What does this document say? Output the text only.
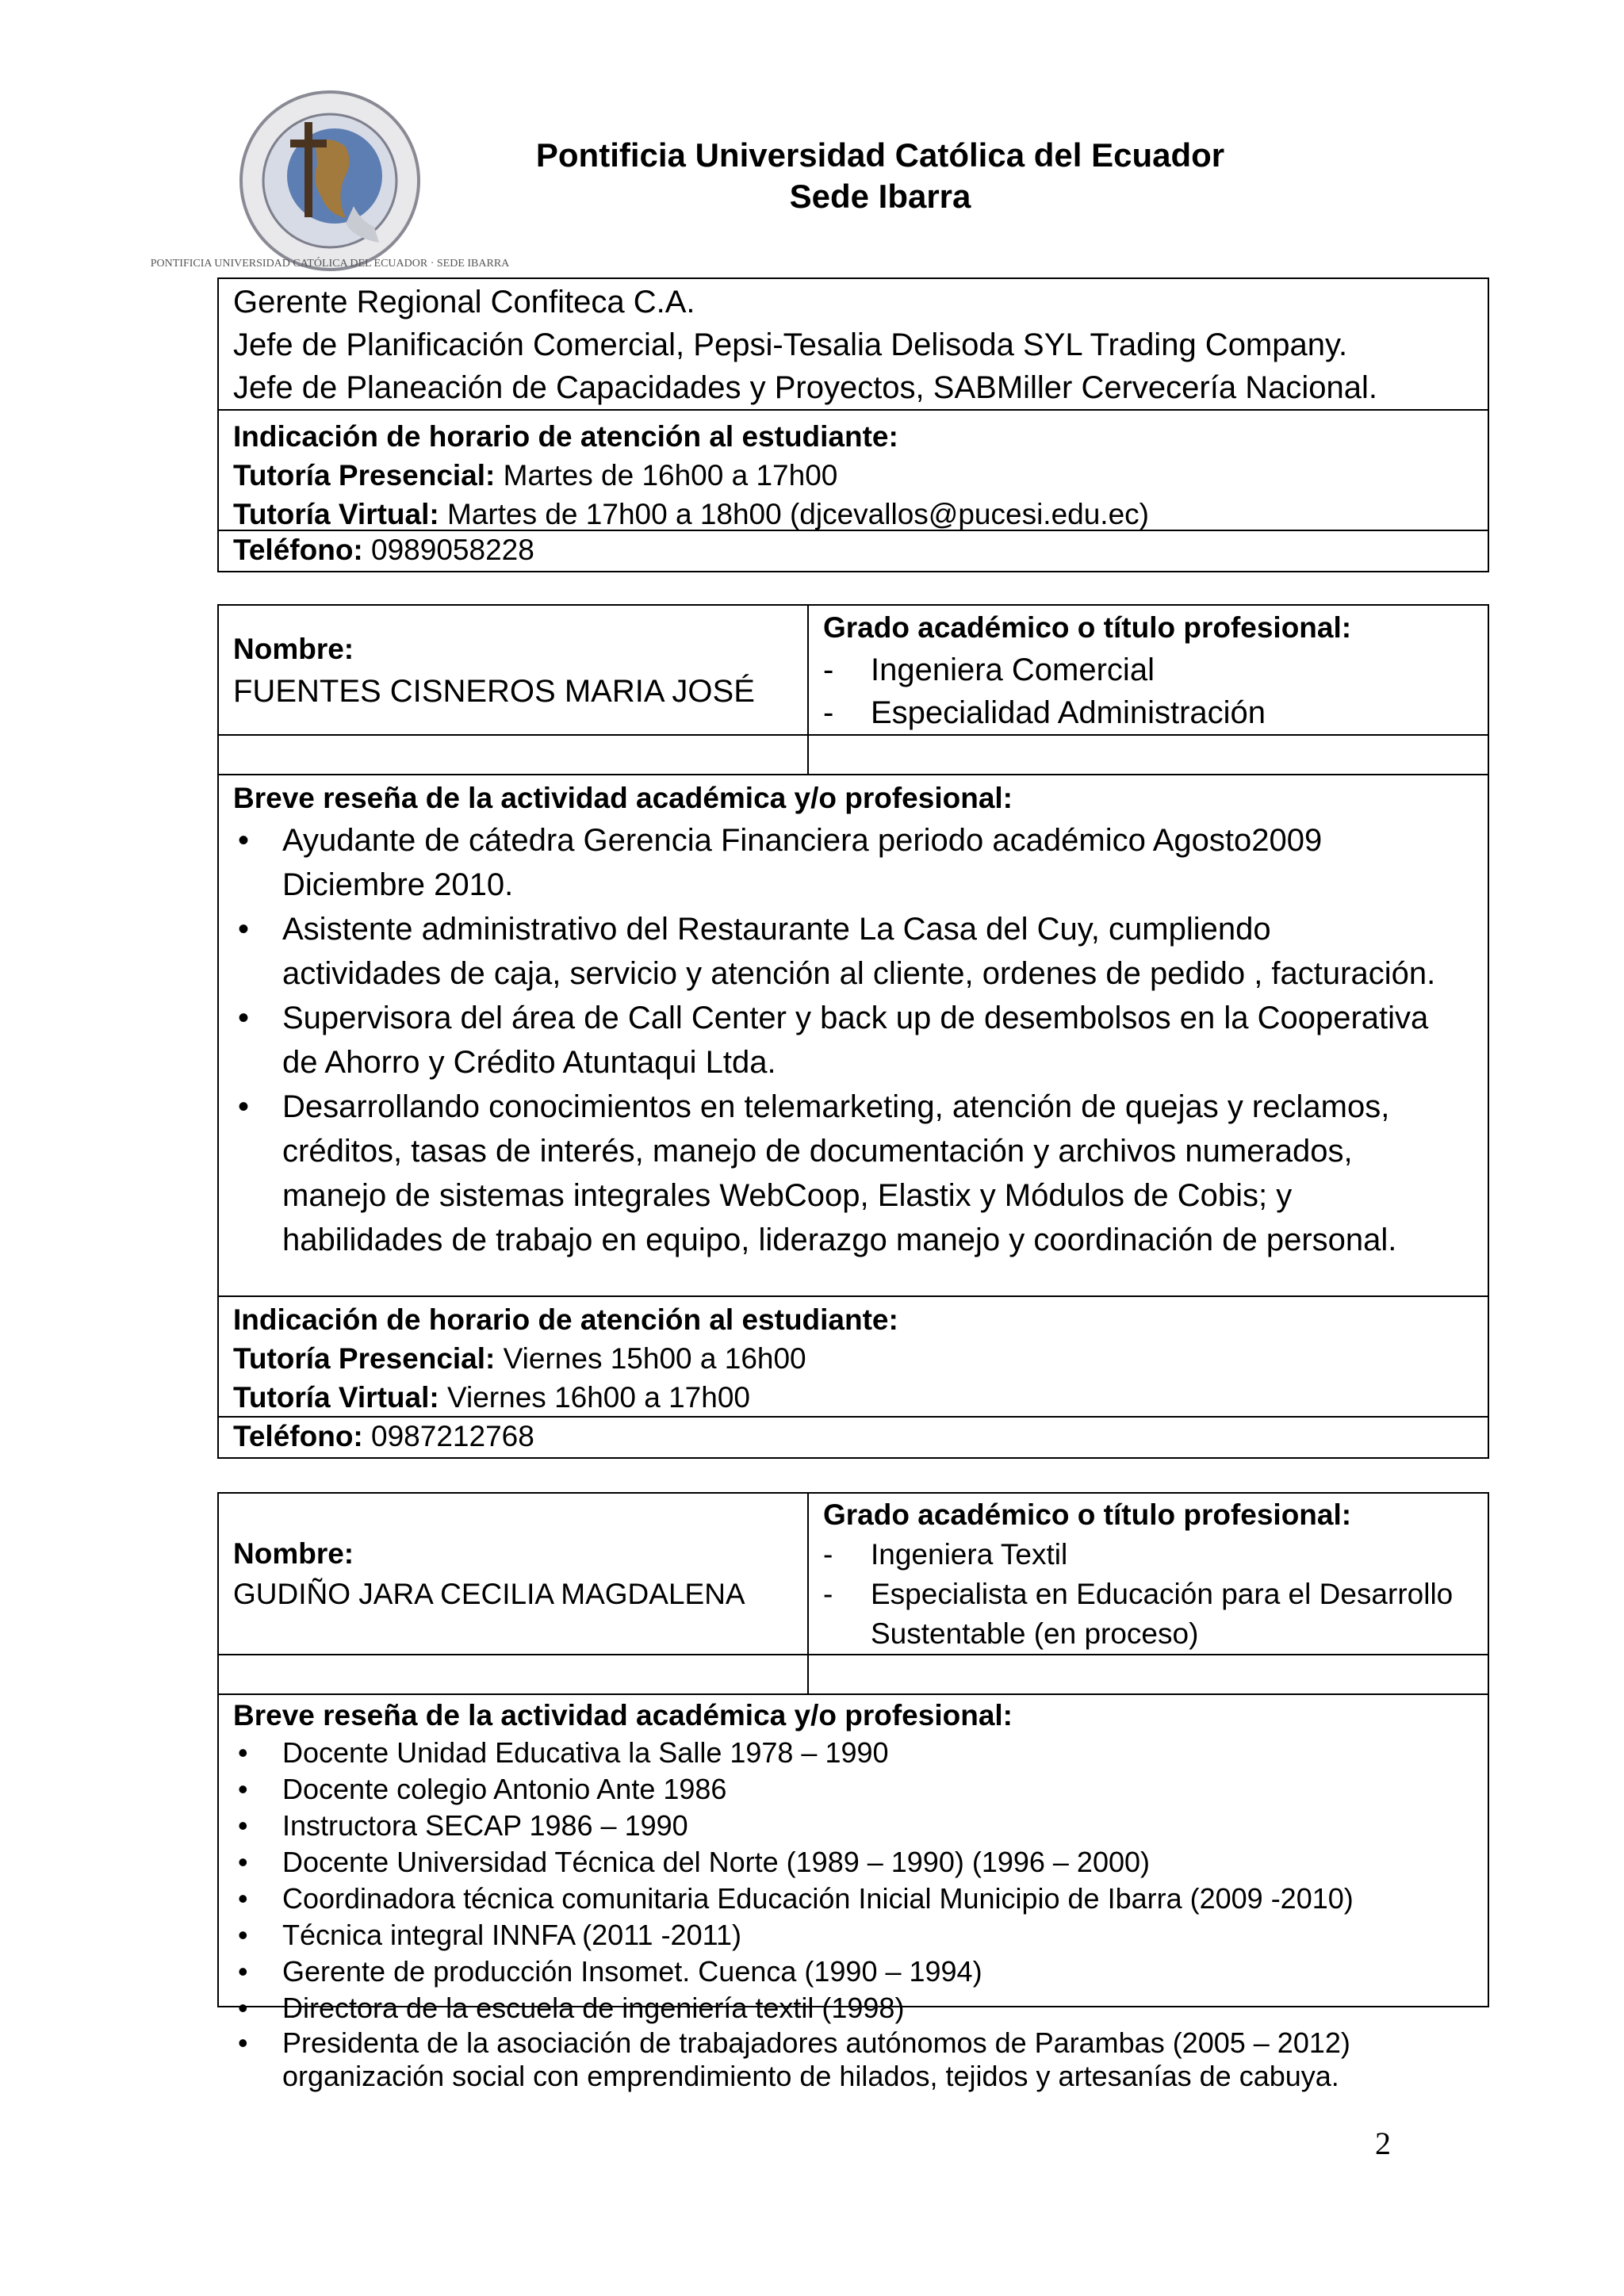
PONTIFICIA UNIVERSIDAD CATÓLICA DEL ECUADOR · SEDE IBARRA
Pontificia Universidad Católica del Ecuador
Sede Ibarra
Gerente Regional Confiteca C.A.
Jefe de Planificación Comercial, Pepsi-Tesalia Delisoda SYL Trading Company.
Jefe de Planeación de Capacidades y Proyectos, SABMiller Cervecería Nacional.
Indicación de horario de atención al estudiante:
Tutoría Presencial: Martes de 16h00 a 17h00
Tutoría Virtual: Martes de 17h00 a 18h00 (djcevallos@pucesi.edu.ec)
Teléfono: 0989058228
Nombre:
FUENTES CISNEROS MARIA JOSÉ
Grado académico o título profesional:
-	Ingeniera Comercial
-	Especialidad Administración
Breve reseña de la actividad académica y/o profesional:
• Ayudante de cátedra Gerencia Financiera periodo académico Agosto2009
Diciembre 2010.
• Asistente administrativo del Restaurante La Casa del Cuy, cumpliendo
actividades de caja, servicio y atención al cliente, ordenes de pedido , facturación.
• Supervisora del área de Call Center y back up de desembolsos en la Cooperativa
de Ahorro y Crédito Atuntaqui Ltda.
• Desarrollando conocimientos en telemarketing, atención de quejas y reclamos,
créditos, tasas de interés, manejo de documentación y archivos numerados,
manejo de sistemas integrales WebCoop, Elastix y Módulos de Cobis; y
habilidades de trabajo en equipo, liderazgo manejo y coordinación de personal.
Indicación de horario de atención al estudiante:
Tutoría Presencial: Viernes 15h00 a 16h00
Tutoría Virtual: Viernes 16h00 a 17h00
Teléfono: 0987212768
Nombre:
GUDIÑO JARA CECILIA MAGDALENA
Grado académico o título profesional:
-	Ingeniera Textil
-	Especialista en Educación para el Desarrollo
Sustentable (en proceso)
Breve reseña de la actividad académica y/o profesional:
• Docente Unidad Educativa la Salle 1978 – 1990
• Docente colegio Antonio Ante 1986
• Instructora SECAP 1986 – 1990
• Docente Universidad Técnica del Norte (1989 – 1990) (1996 – 2000)
• Coordinadora técnica comunitaria Educación Inicial Municipio de Ibarra (2009 -2010)
• Técnica integral INNFA (2011 -2011)
• Gerente de producción Insomet. Cuenca (1990 – 1994)
• Directora de la escuela de ingeniería textil (1998)
• Presidenta de la asociación de trabajadores autónomos de Parambas (2005 – 2012)
organización social con emprendimiento de hilados, tejidos y artesanías de cabuya.
2
